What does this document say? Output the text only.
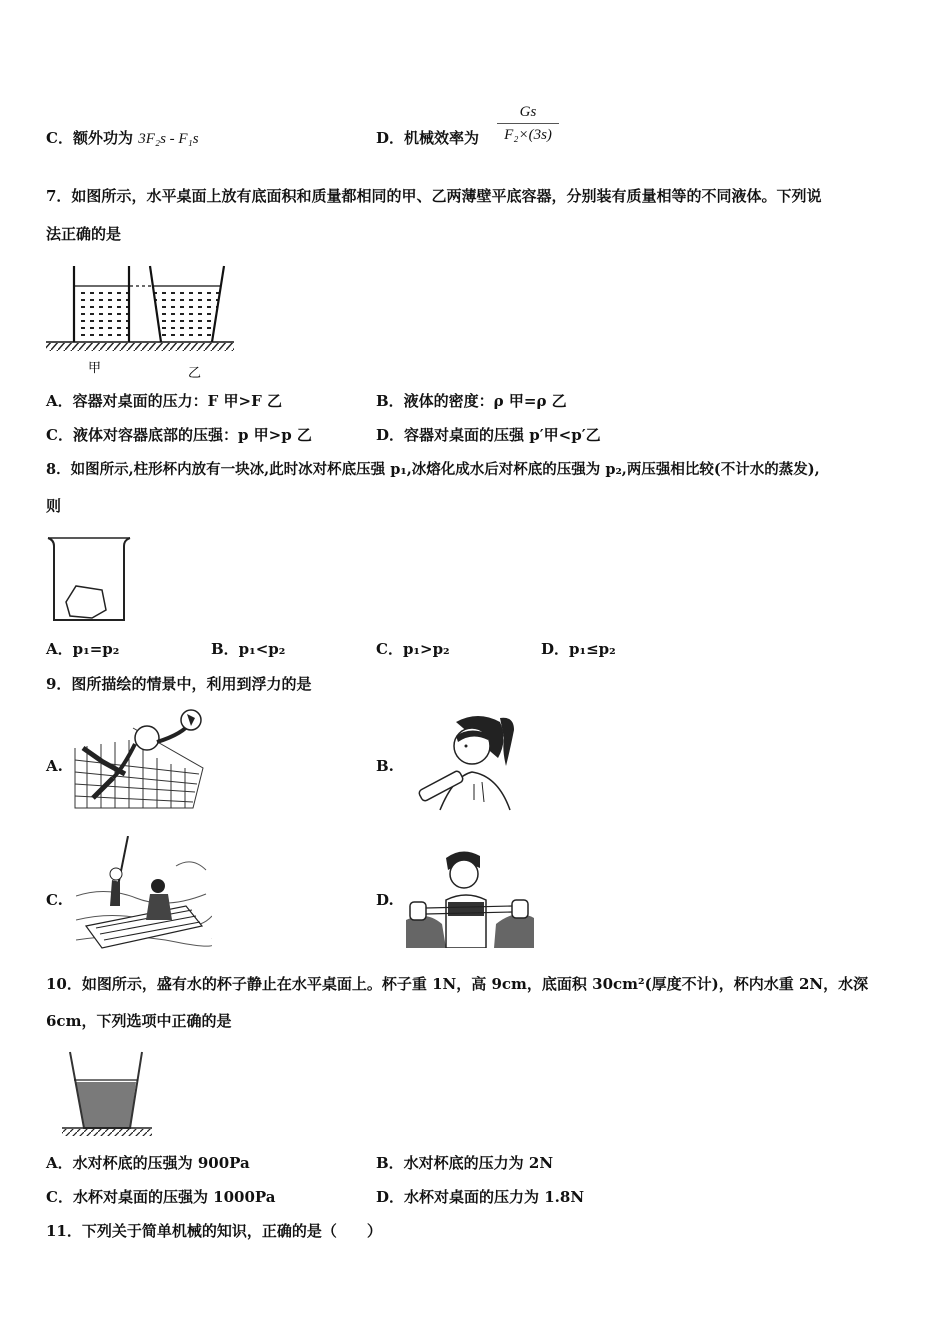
C．额外功为 3F₂s - F₁s	D．机械效率为
Gs
F₂×(3s)
7．如图所示，水平桌面上放有底面积和质量都相同的甲、乙两薄壁平底容器，分别装有质量相等的不同液体。下列说
法正确的是
甲	乙
A．容器对桌面的压力：F 甲>F 乙	B．液体的密度：ρ 甲=ρ 乙
C．液体对容器底部的压强：p 甲>p 乙	D．容器对桌面的压强 p′甲<p′乙
8．如图所示,柱形杯内放有一块冰,此时冰对杯底压强 p₁,冰熔化成水后对杯底的压强为 p₂,两压强相比较(不计水的蒸发),
则
A．p₁=p₂	B．p₁<p₂	C．p₁>p₂	D．p₁≤p₂
9．图所描绘的情景中，利用到浮力的是
A.	B.
C.	D.
10．如图所示，盛有水的杯子静止在水平桌面上。杯子重 1N，高 9cm，底面积 30cm²(厚度不计)，杯内水重 2N，水深
6cm，下列选项中正确的是
A．水对杯底的压强为 900Pa	B．水对杯底的压力为 2N
C．水杯对桌面的压强为 1000Pa	D．水杯对桌面的压力为 1.8N
11．下列关于简单机械的知识，正确的是（　　）
